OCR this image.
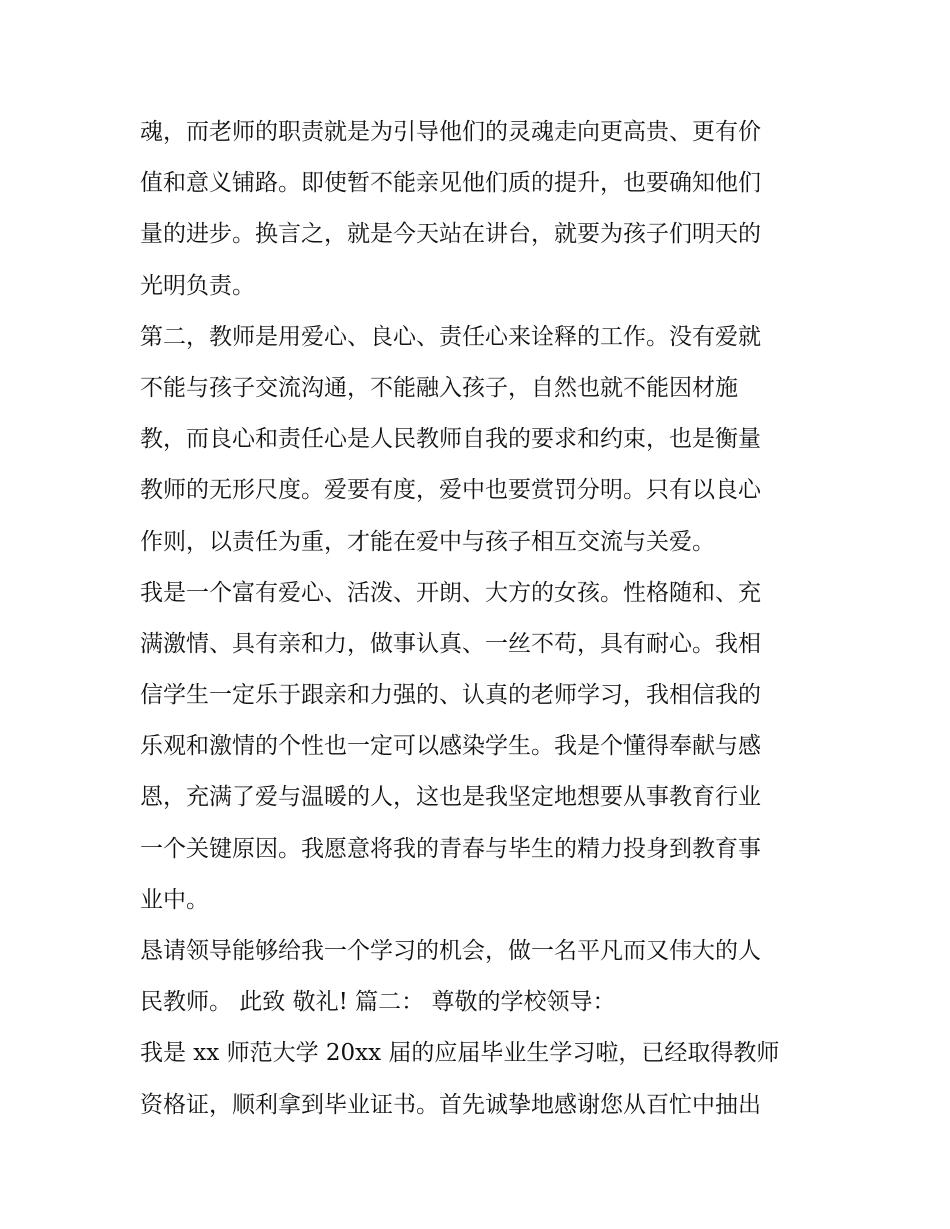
魂，而老师的职责就是为引导他们的灵魂走向更高贵、更有价
值和意义铺路。即使暂不能亲见他们质的提升，也要确知他们
量的进步。换言之，就是今天站在讲台，就要为孩子们明天的
光明负责。
第二，教师是用爱心、良心、责任心来诠释的工作。没有爱就
不能与孩子交流沟通，不能融入孩子，自然也就不能因材施
教，而良心和责任心是人民教师自我的要求和约束，也是衡量
教师的无形尺度。爱要有度，爱中也要赏罚分明。只有以良心
作则，以责任为重，才能在爱中与孩子相互交流与关爱。
我是一个富有爱心、活泼、开朗、大方的女孩。性格随和、充
满激情、具有亲和力，做事认真、一丝不苟，具有耐心。我相
信学生一定乐于跟亲和力强的、认真的老师学习，我相信我的
乐观和激情的个性也一定可以感染学生。我是个懂得奉献与感
恩，充满了爱与温暖的人，这也是我坚定地想要从事教育行业
一个关键原因。我愿意将我的青春与毕生的精力投身到教育事
业中。
恳请领导能够给我一个学习的机会，做一名平凡而又伟大的人
民教师。 此致 敬礼! 篇二： 尊敬的学校领导：
我是 xx 师范大学 20xx 届的应届毕业生学习啦，已经取得教师
资格证，顺利拿到毕业证书。首先诚挚地感谢您从百忙中抽出
